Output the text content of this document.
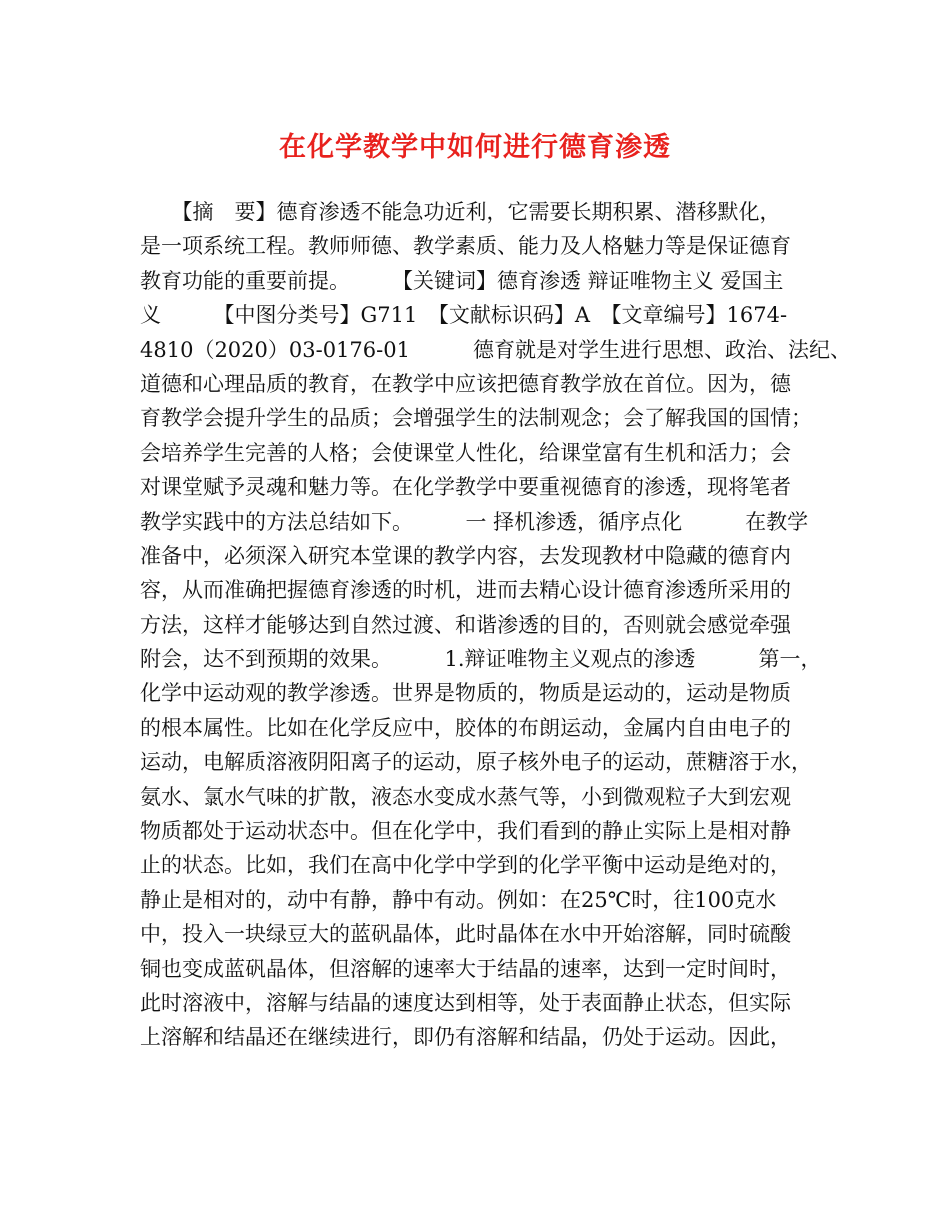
在化学教学中如何进行德育渗透
　　【摘　要】德育渗透不能急功近利，它需要长期积累、潜移默化，
是一项系统工程。教师师德、教学素质、能力及人格魅力等是保证德育
教育功能的重要前提。　　　【关键词】德育渗透 辩证唯物主义 爱国主
义　　　【中图分类号】G711　【文献标识码】A　【文章编号】1674-
4810（2020）03-0176-01　　　德育就是对学生进行思想、政治、法纪、
道德和心理品质的教育，在教学中应该把德育教学放在首位。因为，德
育教学会提升学生的品质；会增强学生的法制观念；会了解我国的国情；
会培养学生完善的人格；会使课堂人性化，给课堂富有生机和活力；会
对课堂赋予灵魂和魅力等。在化学教学中要重视德育的渗透，现将笔者
教学实践中的方法总结如下。　　　一 择机渗透，循序点化　　　在教学
准备中，必须深入研究本堂课的教学内容，去发现教材中隐藏的德育内
容，从而准确把握德育渗透的时机，进而去精心设计德育渗透所采用的
方法，这样才能够达到自然过渡、和谐渗透的目的，否则就会感觉牵强
附会，达不到预期的效果。　　　1.辩证唯物主义观点的渗透　　　第一，
化学中运动观的教学渗透。世界是物质的，物质是运动的，运动是物质
的根本属性。比如在化学反应中，胶体的布朗运动，金属内自由电子的
运动，电解质溶液阴阳离子的运动，原子核外电子的运动，蔗糖溶于水，
氨水、氯水气味的扩散，液态水变成水蒸气等，小到微观粒子大到宏观
物质都处于运动状态中。但在化学中，我们看到的静止实际上是相对静
止的状态。比如，我们在高中化学中学到的化学平衡中运动是绝对的，
静止是相对的，动中有静，静中有动。例如：在25℃时，往100克水
中，投入一块绿豆大的蓝矾晶体，此时晶体在水中开始溶解，同时硫酸
铜也变成蓝矾晶体，但溶解的速率大于结晶的速率，达到一定时间时，
此时溶液中，溶解与结晶的速度达到相等，处于表面静止状态，但实际
上溶解和结晶还在继续进行，即仍有溶解和结晶，仍处于运动。因此，
